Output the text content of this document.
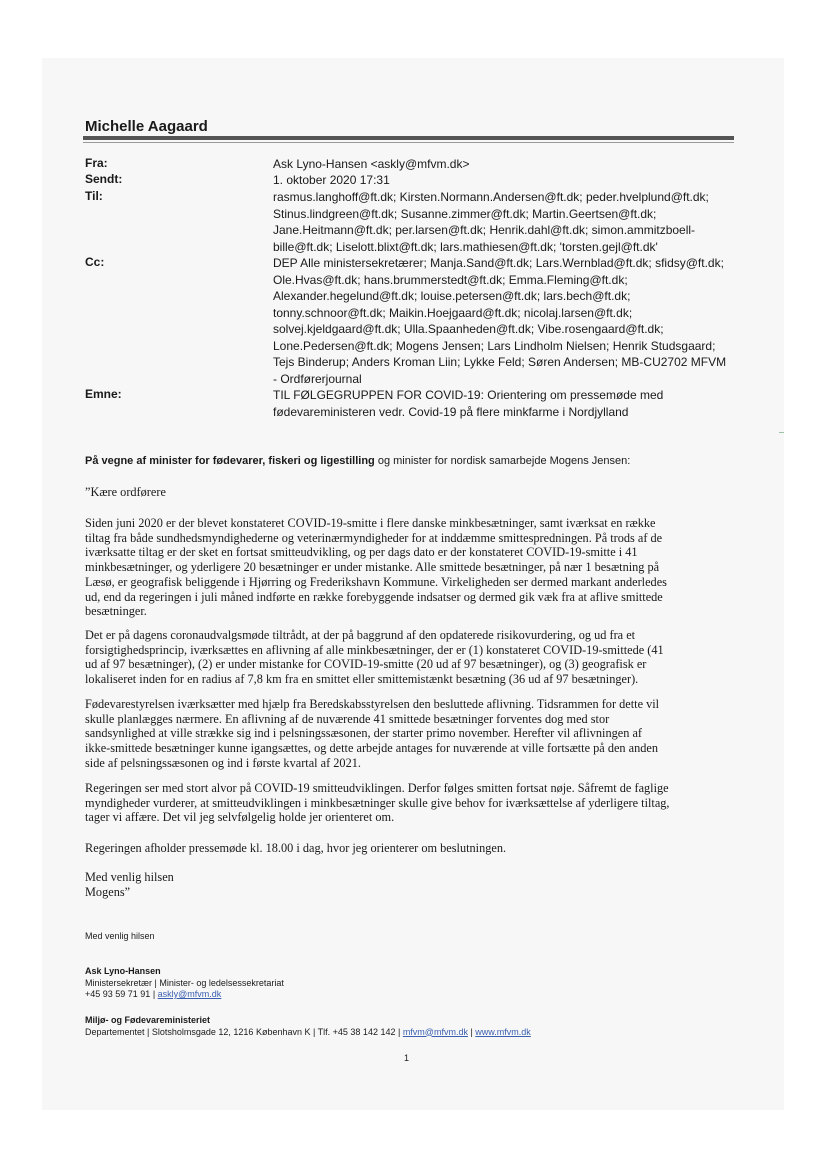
Michelle Aagaard
Fra:	Ask Lyno-Hansen <askly@mfvm.dk>
Sendt:	1. oktober 2020 17:31
Til:	rasmus.langhoff@ft.dk; Kirsten.Normann.Andersen@ft.dk; peder.hvelplund@ft.dk;
Stinus.lindgreen@ft.dk; Susanne.zimmer@ft.dk; Martin.Geertsen@ft.dk;
Jane.Heitmann@ft.dk; per.larsen@ft.dk; Henrik.dahl@ft.dk; simon.ammitzboell-
bille@ft.dk; Liselott.blixt@ft.dk; lars.mathiesen@ft.dk; 'torsten.gejl@ft.dk'
Cc:	DEP Alle ministersekretærer; Manja.Sand@ft.dk; Lars.Wernblad@ft.dk; sfidsy@ft.dk;
Ole.Hvas@ft.dk; hans.brummerstedt@ft.dk; Emma.Fleming@ft.dk;
Alexander.hegelund@ft.dk; louise.petersen@ft.dk; lars.bech@ft.dk;
tonny.schnoor@ft.dk; Maikin.Hoejgaard@ft.dk; nicolaj.larsen@ft.dk;
solvej.kjeldgaard@ft.dk; Ulla.Spaanheden@ft.dk; Vibe.rosengaard@ft.dk;
Lone.Pedersen@ft.dk; Mogens Jensen; Lars Lindholm Nielsen; Henrik Studsgaard;
Tejs Binderup; Anders Kroman Liin; Lykke Feld; Søren Andersen; MB-CU2702 MFVM
- Ordførerjournal
Emne:	TIL FØLGEGRUPPEN FOR COVID-19: Orientering om pressemøde med
fødevareministeren vedr. Covid-19 på flere minkfarme i Nordjylland
På vegne af minister for fødevarer, fiskeri og ligestilling og minister for nordisk samarbejde Mogens Jensen:
”Kære ordførere
Siden juni 2020 er der blevet konstateret COVID-19-smitte i flere danske minkbesætninger, samt iværksat en række
tiltag fra både sundhedsmyndighederne og veterinærmyndigheder for at inddæmme smittespredningen. På trods af de
iværksatte tiltag er der sket en fortsat smitteudvikling, og per dags dato er der konstateret COVID-19-smitte i 41
minkbesætninger, og yderligere 20 besætninger er under mistanke. Alle smittede besætninger, på nær 1 besætning på
Læsø, er geografisk beliggende i Hjørring og Frederikshavn Kommune. Virkeligheden ser dermed markant anderledes
ud, end da regeringen i juli måned indførte en række forebyggende indsatser og dermed gik væk fra at aflive smittede
besætninger.
Det er på dagens coronaudvalgsmøde tiltrådt, at der på baggrund af den opdaterede risikovurdering, og ud fra et
forsigtighedsprincip, iværksættes en aflivning af alle minkbesætninger, der er (1) konstateret COVID-19-smittede (41
ud af 97 besætninger), (2) er under mistanke for COVID-19-smitte (20 ud af 97 besætninger), og (3) geografisk er
lokaliseret inden for en radius af 7,8 km fra en smittet eller smittemistænkt besætning (36 ud af 97 besætninger).
Fødevarestyrelsen iværksætter med hjælp fra Beredskabsstyrelsen den besluttede aflivning. Tidsrammen for dette vil
skulle planlægges nærmere. En aflivning af de nuværende 41 smittede besætninger forventes dog med stor
sandsynlighed at ville strække sig ind i pelsningssæsonen, der starter primo november. Herefter vil aflivningen af
ikke-smittede besætninger kunne igangsættes, og dette arbejde antages for nuværende at ville fortsætte på den anden
side af pelsningssæsonen og ind i første kvartal af 2021.
Regeringen ser med stort alvor på COVID-19 smitteudviklingen. Derfor følges smitten fortsat nøje. Såfremt de faglige
myndigheder vurderer, at smitteudviklingen i minkbesætninger skulle give behov for iværksættelse af yderligere tiltag,
tager vi affære. Det vil jeg selvfølgelig holde jer orienteret om.
Regeringen afholder pressemøde kl. 18.00 i dag, hvor jeg orienterer om beslutningen.
Med venlig hilsen
Mogens”
Med venlig hilsen
Ask Lyno-Hansen
Ministersekretær | Minister- og ledelsessekretariat
+45 93 59 71 91 | askly@mfvm.dk
Miljø- og Fødevareministeriet
Departementet | Slotsholmsgade 12, 1216 København K | Tlf. +45 38 142 142 | mfvm@mfvm.dk | www.mfvm.dk
1
